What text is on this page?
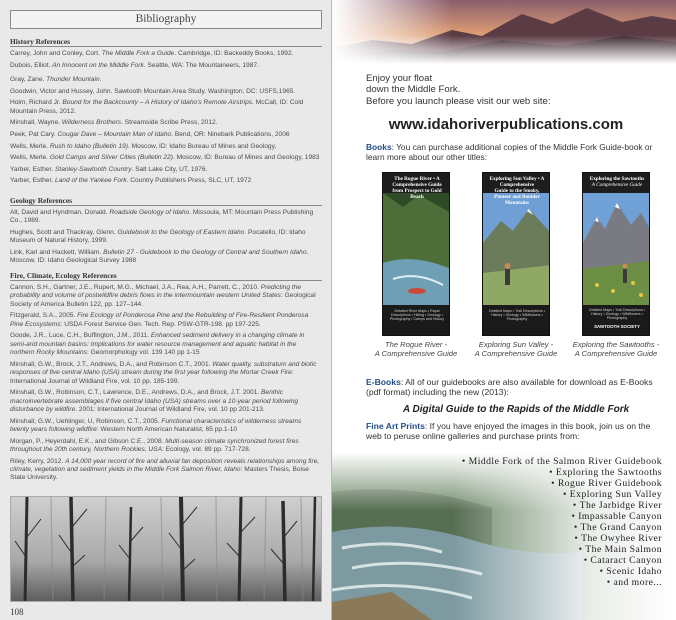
Bibliography
History References
Carrey, John and Conley, Cort. The Middle Fork a Guide. Cambridge, ID: Backeddy Books, 1992.
Dubois, Elliot. An Innocent on the Middle Fork. Seattle, WA: The Mountaineers, 1987.
Gray, Zane. Thunder Mountain.
Goodwin, Victor and Hussey, John. Sawtooth Mountain Area Study. Washington, DC: USFS,1965.
Holm, Richard Jr. Bound for the Backcounty – A History of Idaho's Remote Airstrips. McCall, ID: Cold Mountain Press, 2012.
Minshall, Wayne. Wilderness Brothers. Streamside Scribe Press, 2012.
Peek, Pat Cary. Cougar Dave – Mountain Man of Idaho. Bend, OR: Ninebark Publications, 2006
Wells, Merle. Rush to Idaho (Bulletin 19). Moscow, ID: Idaho Bureau of Mines and Geology,
Wells, Merle. Gold Camps and Silver Cities (Bulletin 22). Moscow, ID: Bureau of Mines and Geology, 1983
Yarber, Esther. Stanley-Sawtooth Country. Salt Lake City, UT, 1976.
Yarber, Esther. Land of the Yankee Fork. Country Publishers Press, SLC, UT, 1972
Geology References
Alt, David and Hyndman, Donald. Roadside Geology of Idaho. Missoula, MT: Mountain Press Publishing Co., 1989.
Hughes, Scott and Thackray, Glenn. Guidebook to the Geology of Eastern Idaho. Pocatello, ID: Idaho Museum of Natural History, 1999.
Link, Karl and Hackett, William. Bulletin 27 - Guidebook to the Geology of Central and Southern Idaho. Moscow, ID: Idaho Geological Survey 1988
Fire, Climate, Ecology References
Cannon, S.H., Gartner, J.E., Rupert, M.G., Michael, J.A., Rea, A.H., Parrett, C., 2010. Predicting the probability and volume of postwildfire debris flows in the intermountain western United States: Geological Society of America Bulletin 122, pp. 127–144.
Fitzgerald, S.A., 2005. Fire Ecology of Ponderosa Pine and the Rebuilding of Fire-Resilient Ponderosa Pine Ecosystems: USDA Forest Service Gen. Tech. Rep. PSW-GTR-198. pp 197-225.
Goode, J.R., Luce, C.H., Buffington, J.M., 2011. Enhanced sediment delivery in a changing climate in semi-arid mountain basins: Implications for water resource management and aquatic habitat in the northern Rocky Mountains: Geomorphology vol. 139 140 pp 1-15
Minshall, G.W., Brock, J.T., Andrews, D.A., and Robinson C.T., 2001. Water quality, substratum and biotic responses of five central Idaho (USA) stream during the first year following the Mortar Creek Fire: International Journal of Wildland Fire, vol. 10 pp. 185-199.
Minshall, G.W., Robinson, C.T., Lawrence, D.E., Andrews, D.A., and Brock, J.T. 2001. Benthic macroinvertebrate assemblages if five central Idaho (USA) streams over a 10-year period following disturbance by wildfire. 2001: International Journal of Wildland Fire, vol. 10 pp 201-213.
Minshall, G.W., Uehlinger, U, Robinson, C.T., 2005. Functional characteristics of wilderness streams twenty years following wildfire: Western North American Naturalist, 65 pp.1-10
Morgan, P., Heyerdahl, E.K., and Gibson C.E., 2008. Multi-season climate synchronized forest fires throughout the 20th century, Northern Rockies, USA: Ecology, vol. 89 pp. 717-728.
Riley, Kerry, 2012. A 14,000 year record of fire and alluvial fan deposition reveals relationships among fire, climate, vegetation and sediment yields in the Middle Fork Salmon River, Idaho: Masters Thesis, Boise State University.
108
Enjoy your float
down the Middle Fork.
Before you launch please visit our web site:
www.idahoriverpublications.com
Books: You can purchase additional copies of the Middle Fork Guide-book or learn more about our other titles:
The Rogue River • A Comprehensive Guide
from Prospect to Gold Beach
Detailed River Maps • Rapid Descriptions • Hiking • Geology • Photography • Camps and History
Exploring Sun Valley • A Comprehensive
Guide to the Smoky, Pioneer and Boulder Mountains
Detailed Maps • Trail Descriptions • History • Geology • Wildflowers • Photography
Exploring the Sawtooths
A Comprehensive Guide
Detailed Maps • Trail Descriptions • History • Geology • Wildflowers • Photography
SAWTOOTH SOCIETY
The Rogue River -
A Comprehensive Guide
Exploring Sun Valley -
A Comprehensive Guide
Exploring the Sawtooths -
A Comprehensive Guide
E-Books: All of our guidebooks are also available for download as E-Books (pdf format) including the new (2013):
A Digital Guide to the Rapids of the Middle Fork
Fine Art Prints: If you have enjoyed the images in this book, join us on the web to peruse online galleries and purchase prints from:
• Middle Fork of the Salmon River Guidebook
• Exploring the Sawtooths
• Rogue River Guidebook
• Exploring Sun Valley
• The Jarbidge River
• Impassable Canyon
• The Grand Canyon
• The Owyhee River
• The Main Salmon
• Cataract Canyon
• Scenic Idaho
• and more...
